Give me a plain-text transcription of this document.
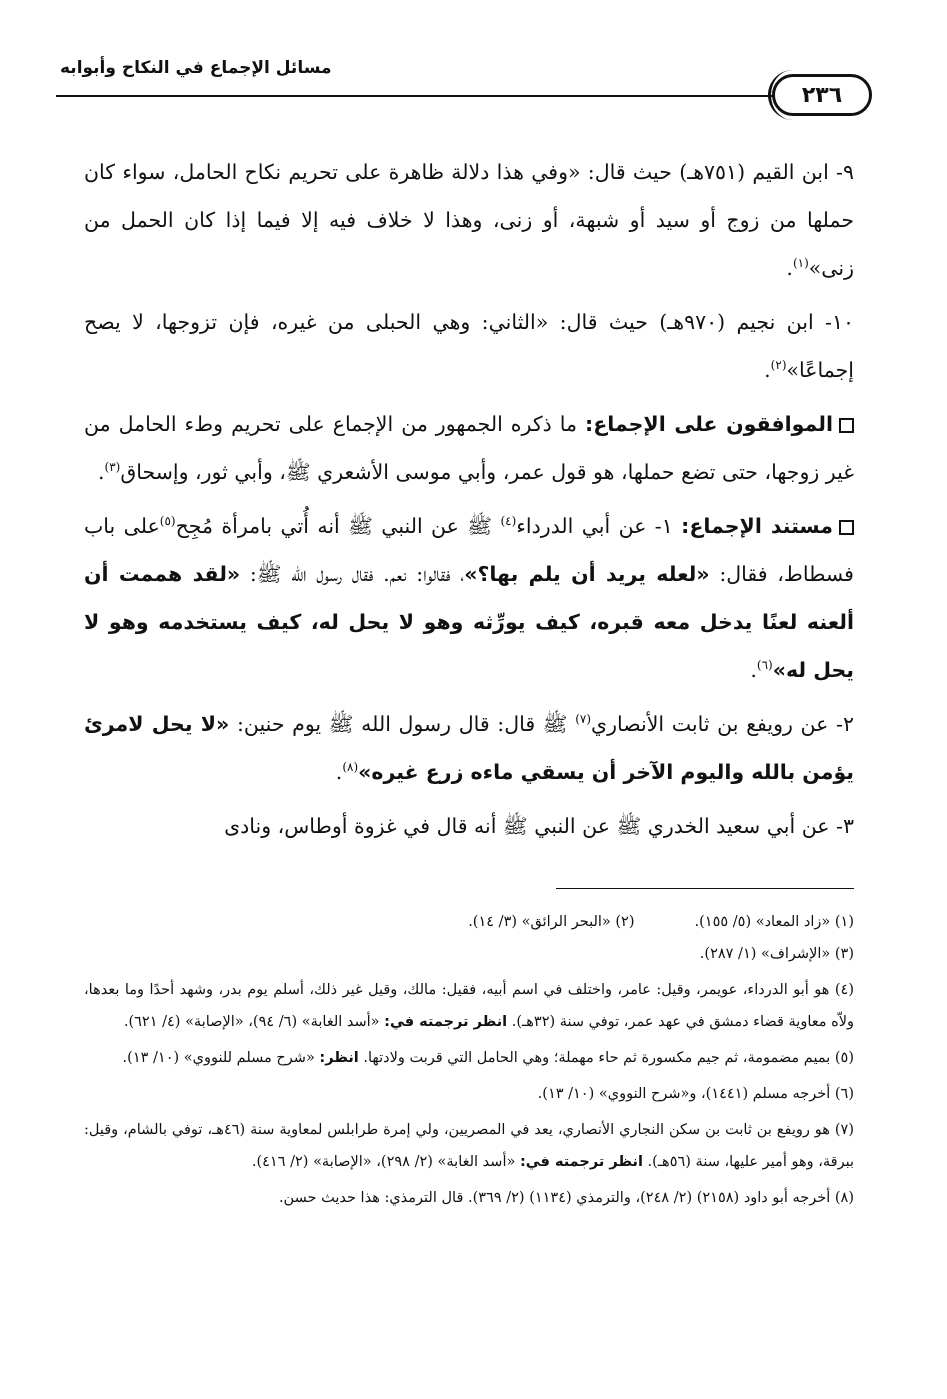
مسائل الإجماع في النكاح وأبوابه
٢٣٦

٩- ابن القيم (٧٥١هـ) حيث قال: «وفي هذا دلالة ظاهرة على تحريم نكاح الحامل، سواء كان حملها من زوج أو سيد أو شبهة، أو زنى، وهذا لا خلاف فيه إلا فيما إذا كان الحمل من زنى»$^{(١)}$.

١٠- ابن نجيم (٩٧٠هـ) حيث قال: «الثاني: وهي الحبلى من غيره، فإن تزوجها، لا يصح إجماعًا»$^{(٢)}$.

الموافقون على الإجماع: ما ذكره الجمهور من الإجماع على تحريم وطء الحامل من غير زوجها، حتى تضع حملها، هو قول عمر، وأبي موسى الأشعري ﷺ، وأبي ثور، وإسحاق$^{(٣)}$.

مستند الإجماع: ١- عن أبي الدرداء$^{(٤)}$ ﷺ عن النبي ﷺ أنه أُتي بامرأة مُجِح$^{(٥)}$على باب فسطاط، فقال: «لعله يريد أن يلم بها؟»، فقالوا: نعم. فقال رسول الله ﷺ: «لقد هممت أن ألعنه لعنًا يدخل معه قبره، كيف يورِّثه وهو لا يحل له، كيف يستخدمه وهو لا يحل له»$^{(٦)}$.

٢- عن رويفع بن ثابت الأنصاري$^{(٧)}$ ﷺ قال: قال رسول الله ﷺ يوم حنين: «لا يحل لامرئ يؤمن بالله واليوم الآخر أن يسقي ماءه زرع غيره»$^{(٨)}$.

٣- عن أبي سعيد الخدري ﷺ عن النبي ﷺ أنه قال في غزوة أوطاس، ونادى

(١) «زاد المعاد» (٥/ ١٥٥).
(٢) «البحر الرائق» (٣/ ١٤).

(٣) «الإشراف» (١/ ٢٨٧).

(٤) هو أبو الدرداء، عويمر، وقيل: عامر، واختلف في اسم أبيه، فقيل: مالك، وقيل غير ذلك، أسلم يوم بدر، وشهد أحدًا وما بعدها، ولاّه معاوية قضاء دمشق في عهد عمر، توفي سنة (٣٢هـ). انظر ترجمته في: «أسد الغابة» (٦/ ٩٤)، «الإصابة» (٤/ ٦٢١).

(٥) بميم مضمومة، ثم جيم مكسورة ثم حاء مهملة؛ وهي الحامل التي قربت ولادتها. انظر: «شرح مسلم للنووي» (١٠/ ١٣).

(٦) أخرجه مسلم (١٤٤١)، و«شرح النووي» (١٠/ ١٣).

(٧) هو رويفع بن ثابت بن سكن النجاري الأنصاري، يعد في المصريين، ولي إمرة طرابلس لمعاوية سنة (٤٦هـ، توفي بالشام، وقيل: ببرقة، وهو أمير عليها، سنة (٥٦هـ). انظر ترجمته في: «أسد الغابة» (٢/ ٢٩٨)، «الإصابة» (٢/ ٤١٦).

(٨) أخرجه أبو داود (٢١٥٨) (٢/ ٢٤٨)، والترمذي (١١٣٤) (٢/ ٣٦٩). قال الترمذي: هذا حديث حسن.
